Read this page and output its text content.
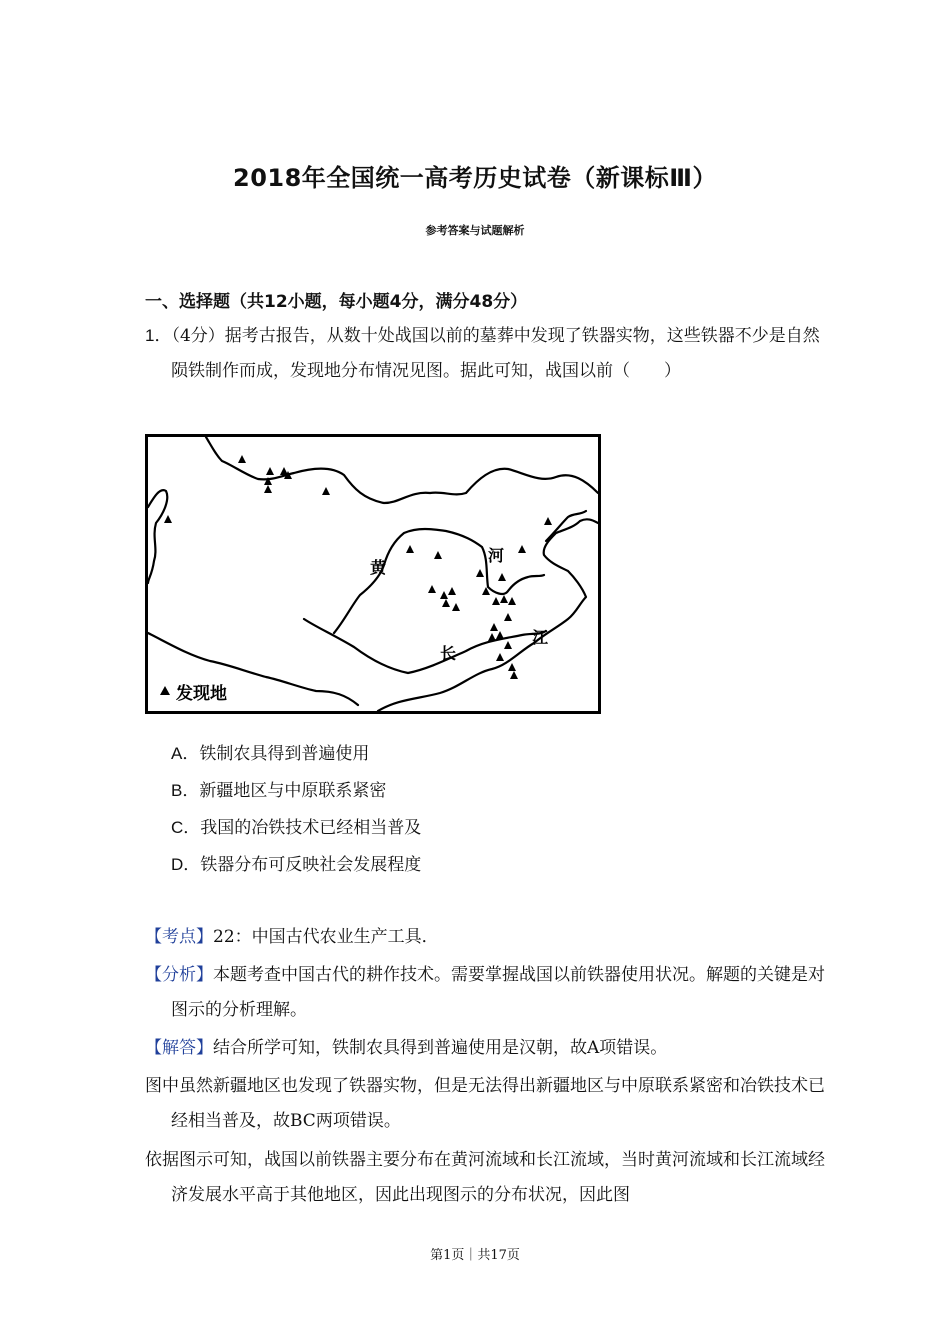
2018年全国统一高考历史试卷（新课标Ⅲ）
参考答案与试题解析
一、选择题（共12小题，每小题4分，满分48分）
1．（4分）据考古报告，从数十处战国以前的墓葬中发现了铁器实物，这些铁器不少是自然陨铁制作而成，发现地分布情况见图。据此可知，战国以前（　　）
黄
河
长
江
发现地
A．铁制农具得到普遍使用
B．新疆地区与中原联系紧密
C．我国的冶铁技术已经相当普及
D．铁器分布可反映社会发展程度
【考点】22：中国古代农业生产工具．
【分析】本题考查中国古代的耕作技术。需要掌握战国以前铁器使用状况。解题的关键是对图示的分析理解。
【解答】结合所学可知，铁制农具得到普遍使用是汉朝，故A项错误。
图中虽然新疆地区也发现了铁器实物，但是无法得出新疆地区与中原联系紧密和冶铁技术已经相当普及，故BC两项错误。
依据图示可知，战国以前铁器主要分布在黄河流域和长江流域，当时黄河流域和长江流域经济发展水平高于其他地区，因此出现图示的分布状况，因此图
第1页｜共17页
